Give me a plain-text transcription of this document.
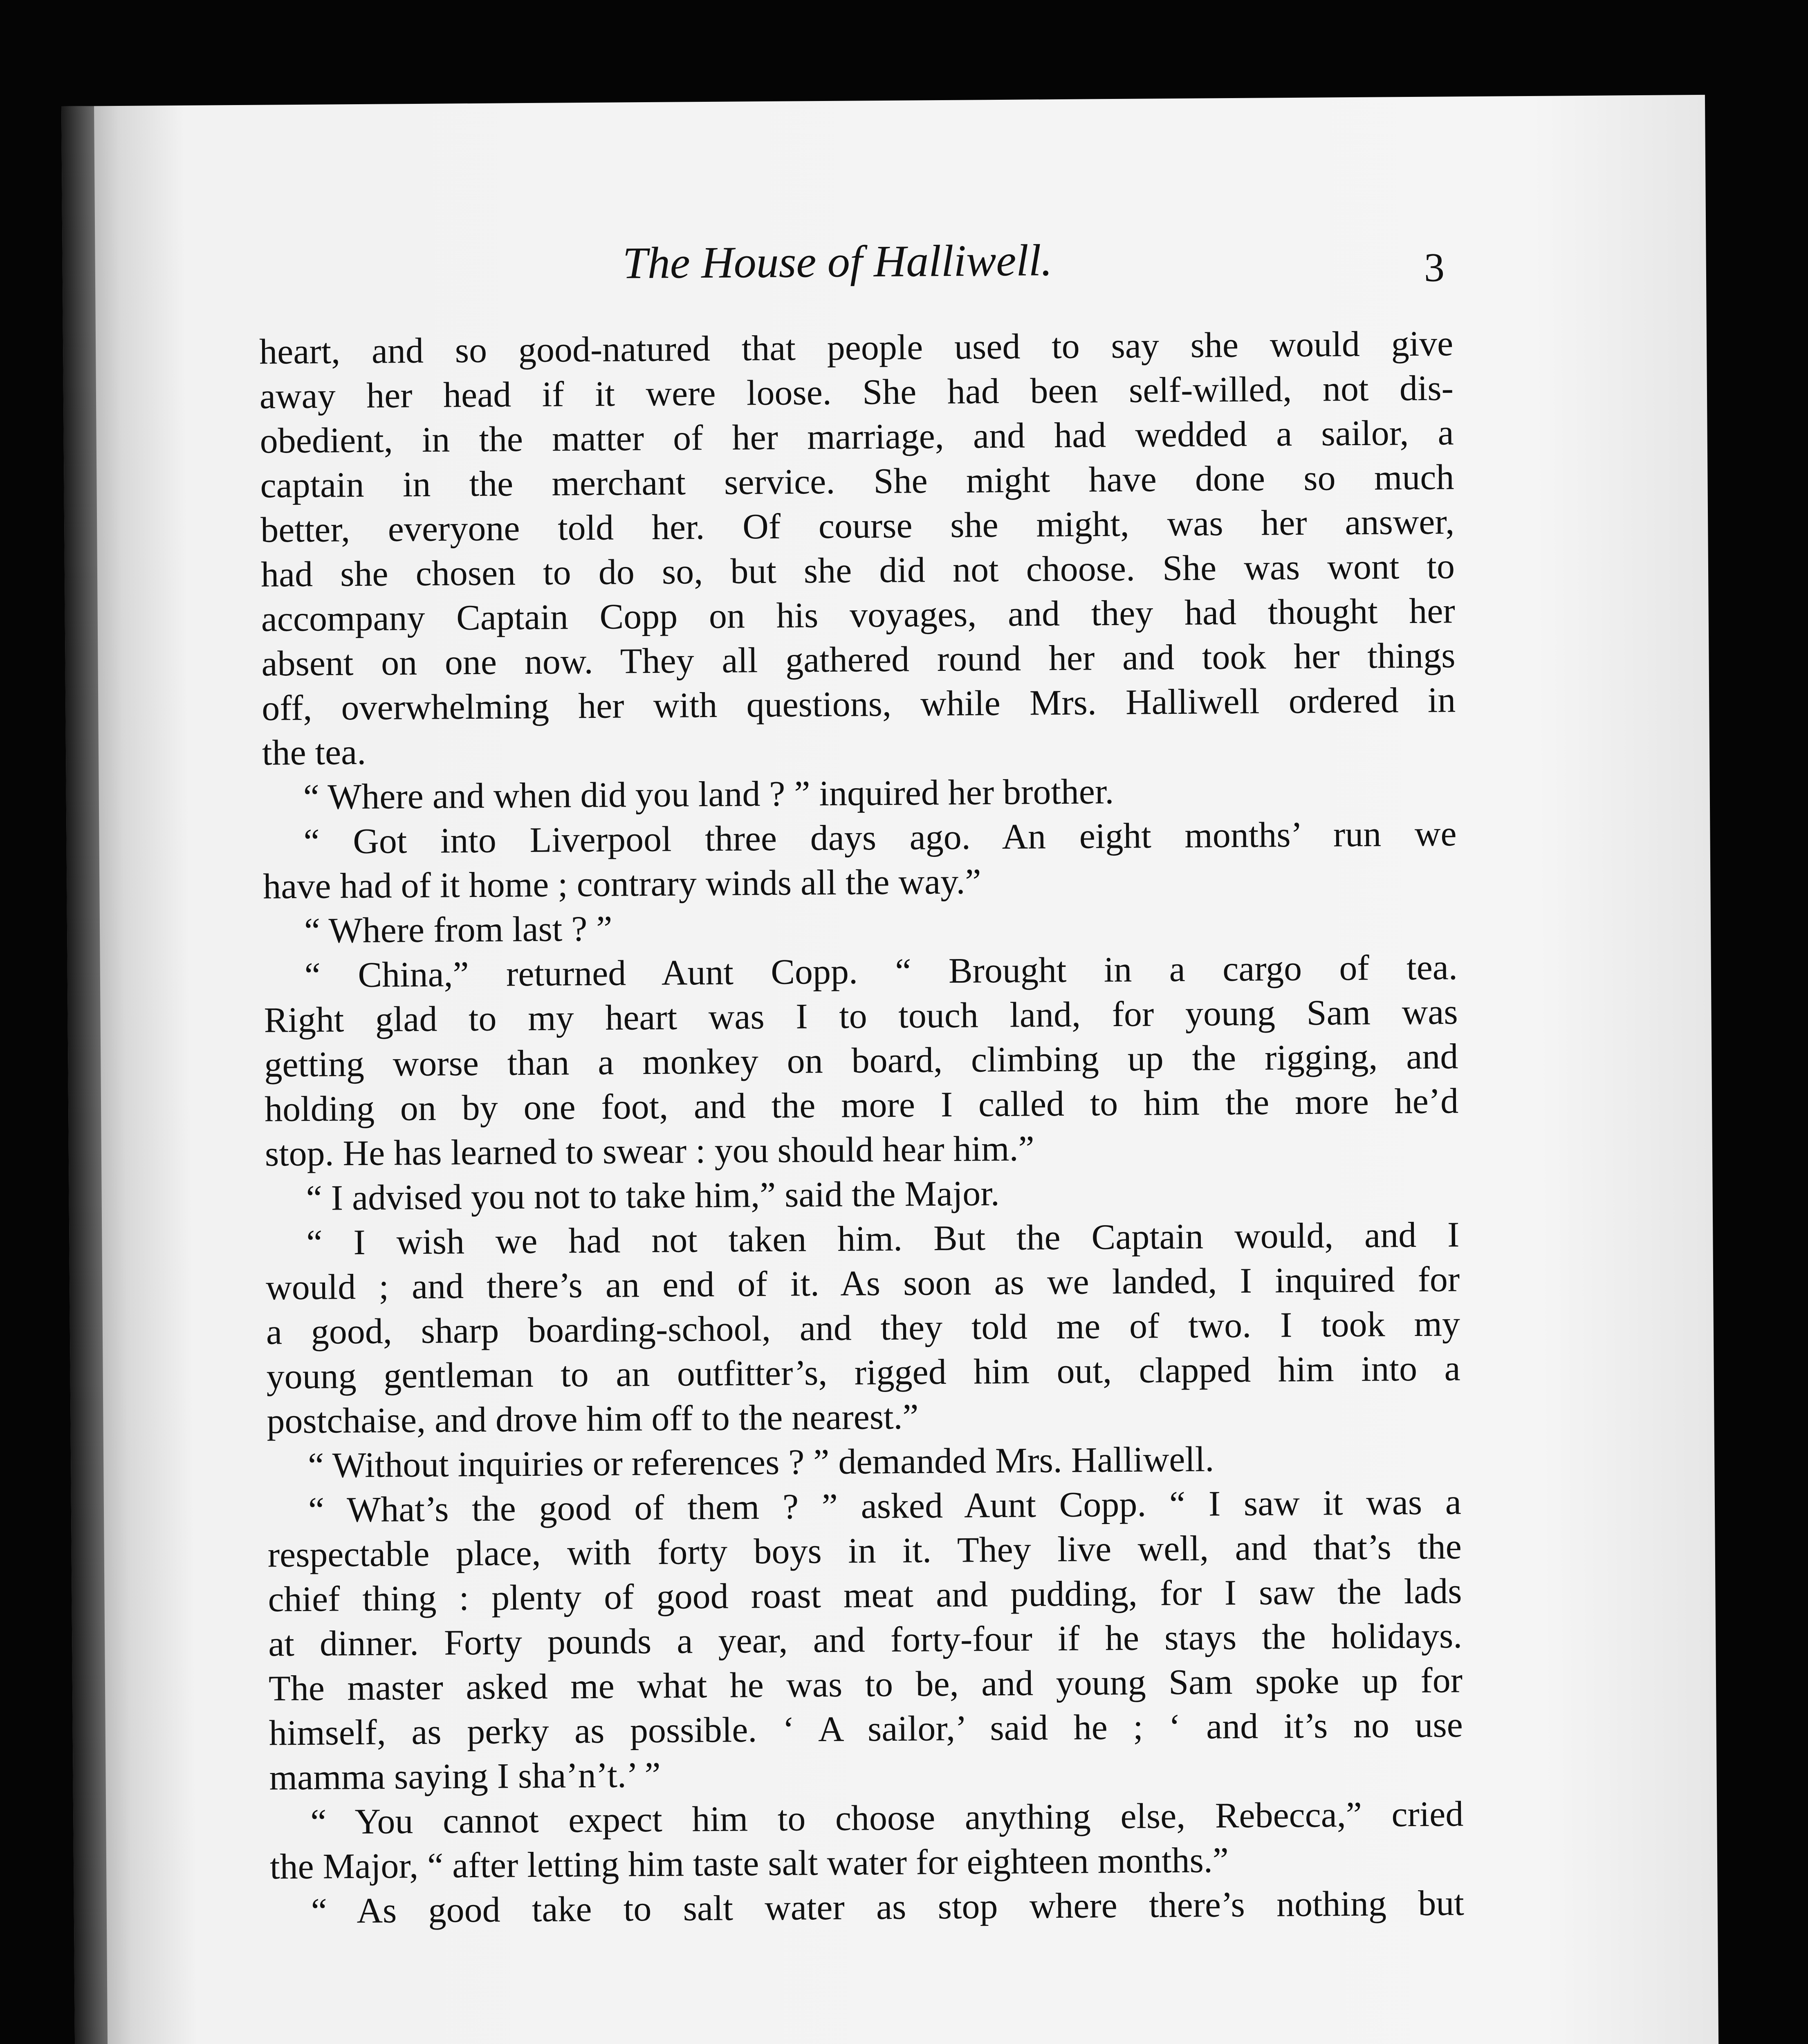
The House of Halliwell.	3
heart, and so good-natured that people used to say she would give
away her head if it were loose. She had been self-willed, not dis-
obedient, in the matter of her marriage, and had wedded a sailor, a
captain in the merchant service. She might have done so much
better, everyone told her. Of course she might, was her answer,
had she chosen to do so, but she did not choose. She was wont to
accompany Captain Copp on his voyages, and they had thought her
absent on one now. They all gathered round her and took her things
off, overwhelming her with questions, while Mrs. Halliwell ordered in
the tea.
“ Where and when did you land ? ” inquired her brother.
“ Got into Liverpool three days ago. An eight months’ run we
have had of it home ; contrary winds all the way.”
“ Where from last ? ”
“ China,” returned Aunt Copp. “ Brought in a cargo of tea.
Right glad to my heart was I to touch land, for young Sam was
getting worse than a monkey on board, climbing up the rigging, and
holding on by one foot, and the more I called to him the more he’d
stop. He has learned to swear : you should hear him.”
“ I advised you not to take him,” said the Major.
“ I wish we had not taken him. But the Captain would, and I
would ; and there’s an end of it. As soon as we landed, I inquired for
a good, sharp boarding-school, and they told me of two. I took my
young gentleman to an outfitter’s, rigged him out, clapped him into a
postchaise, and drove him off to the nearest.”
“ Without inquiries or references ? ” demanded Mrs. Halliwell.
“ What’s the good of them ? ” asked Aunt Copp. “ I saw it was a
respectable place, with forty boys in it. They live well, and that’s the
chief thing : plenty of good roast meat and pudding, for I saw the lads
at dinner. Forty pounds a year, and forty-four if he stays the holidays.
The master asked me what he was to be, and young Sam spoke up for
himself, as perky as possible. ‘ A sailor,’ said he ; ‘ and it’s no use
mamma saying I sha’n’t.’ ”
“ You cannot expect him to choose anything else, Rebecca,” cried
the Major, “ after letting him taste salt water for eighteen months.”
“ As good take to salt water as stop where there’s nothing but
